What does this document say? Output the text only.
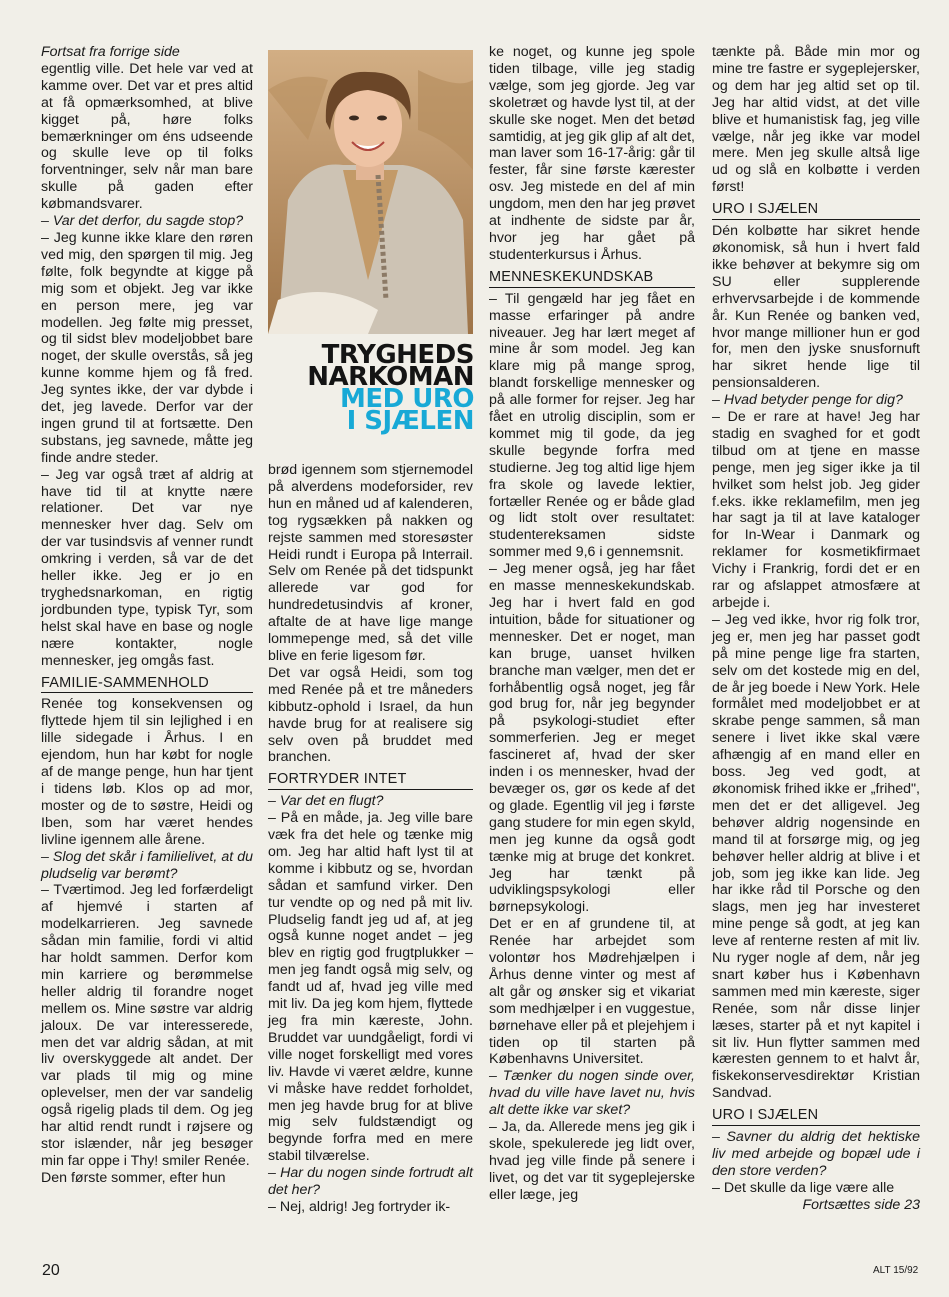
Fortsat fra forrige side

egentlig ville. Det hele var ved at kamme over. Det var et pres altid at få opmærksomhed, at blive kigget på, høre folks bemærkninger om éns udseende og skulle leve op til folks forventninger, selv når man bare skulle på gaden efter købmandsvarer.

– Var det derfor, du sagde stop?

– Jeg kunne ikke klare den røren ved mig, den spørgen til mig. Jeg følte, folk begyndte at kigge på mig som et objekt. Jeg var ikke en person mere, jeg var modellen. Jeg følte mig presset, og til sidst blev modeljobbet bare noget, der skulle overstås, så jeg kunne komme hjem og få fred. Jeg syntes ikke, der var dybde i det, jeg lavede. Derfor var der ingen grund til at fortsætte. Den substans, jeg savnede, måtte jeg finde andre steder.

– Jeg var også træt af aldrig at have tid til at knytte nære relationer. Det var nye mennesker hver dag. Selv om der var tusindsvis af venner rundt omkring i verden, så var de det heller ikke. Jeg er jo en tryghedsnarkoman, en rigtig jordbunden type, typisk Tyr, som helst skal have en base og nogle nære kontakter, nogle mennesker, jeg omgås fast.

FAMILIE-SAMMENHOLD

Renée tog konsekvensen og flyttede hjem til sin lejlighed i en lille sidegade i Århus. I en ejendom, hun har købt for nogle af de mange penge, hun har tjent i tidens løb. Klos op ad mor, moster og de to søstre, Heidi og Iben, som har været hendes livline igennem alle årene.

– Slog det skår i familielivet, at du pludselig var berømt?

– Tværtimod. Jeg led forfærdeligt af hjemvé i starten af modelkarrieren. Jeg savnede sådan min familie, fordi vi altid har holdt sammen. Derfor kom min karriere og berømmelse heller aldrig til forandre noget mellem os. Mine søstre var aldrig jaloux. De var interesserede, men det var aldrig sådan, at mit liv overskyggede alt andet. Der var plads til mig og mine oplevelser, men der var sandelig også rigelig plads til dem. Og jeg har altid rendt rundt i røjsere og stor islænder, når jeg besøger min far oppe i Thy! smiler Renée.

Den første sommer, efter hun

TRYGHEDS
NARKOMAN
MED URO
I SJÆLEN

brød igennem som stjernemodel på alverdens modeforsider, rev hun en måned ud af kalenderen, tog rygsækken på nakken og rejste sammen med storesøster Heidi rundt i Europa på Interrail. Selv om Renée på det tidspunkt allerede var god for hundredetusindvis af kroner, aftalte de at have lige mange lommepenge med, så det ville blive en ferie ligesom før.

Det var også Heidi, som tog med Renée på et tre måneders kibbutz-ophold i Israel, da hun havde brug for at realisere sig selv oven på bruddet med branchen.

FORTRYDER INTET

– Var det en flugt?

– På en måde, ja. Jeg ville bare væk fra det hele og tænke mig om. Jeg har altid haft lyst til at komme i kibbutz og se, hvordan sådan et samfund virker. Den tur vendte op og ned på mit liv. Pludselig fandt jeg ud af, at jeg også kunne noget andet – jeg blev en rigtig god frugtplukker – men jeg fandt også mig selv, og fandt ud af, hvad jeg ville med mit liv. Da jeg kom hjem, flyttede jeg fra min kæreste, John. Bruddet var uundgåeligt, fordi vi ville noget forskelligt med vores liv. Havde vi været ældre, kunne vi måske have reddet forholdet, men jeg havde brug for at blive mig selv fuldstændigt og begynde forfra med en mere stabil tilværelse.

– Har du nogen sinde fortrudt alt det her?

– Nej, aldrig! Jeg fortryder ik-

ke noget, og kunne jeg spole tiden tilbage, ville jeg stadig vælge, som jeg gjorde. Jeg var skoletræt og havde lyst til, at der skulle ske noget. Men det betød samtidig, at jeg gik glip af alt det, man laver som 16-17-årig: går til fester, får sine første kærester osv. Jeg mistede en del af min ungdom, men den har jeg prøvet at indhente de sidste par år, hvor jeg har gået på studenterkursus i Århus.

MENNESKEKUNDSKAB

– Til gengæld har jeg fået en masse erfaringer på andre niveauer. Jeg har lært meget af mine år som model. Jeg kan klare mig på mange sprog, blandt forskellige mennesker og på alle former for rejser. Jeg har fået en utrolig disciplin, som er kommet mig til gode, da jeg skulle begynde forfra med studierne. Jeg tog altid lige hjem fra skole og lavede lektier, fortæller Renée og er både glad og lidt stolt over resultatet: studentereksamen sidste sommer med 9,6 i gennemsnit.

– Jeg mener også, jeg har fået en masse menneskekundskab. Jeg har i hvert fald en god intuition, både for situationer og mennesker. Det er noget, man kan bruge, uanset hvilken branche man vælger, men det er forhåbentlig også noget, jeg får god brug for, når jeg begynder på psykologi-studiet efter sommerferien. Jeg er meget fascineret af, hvad der sker inden i os mennesker, hvad der bevæger os, gør os kede af det og glade. Egentlig vil jeg i første gang studere for min egen skyld, men jeg kunne da også godt tænke mig at bruge det konkret. Jeg har tænkt på udviklingspsykologi eller børnepsykologi.

Det er en af grundene til, at Renée har arbejdet som volontør hos Mødrehjælpen i Århus denne vinter og mest af alt går og ønsker sig et vikariat som medhjælper i en vuggestue, børnehave eller på et plejehjem i tiden op til starten på Københavns Universitet.

– Tænker du nogen sinde over, hvad du ville have lavet nu, hvis alt dette ikke var sket?

– Ja, da. Allerede mens jeg gik i skole, spekulerede jeg lidt over, hvad jeg ville finde på senere i livet, og det var tit sygeplejerske eller læge, jeg

tænkte på. Både min mor og mine tre fastre er sygeplejersker, og dem har jeg altid set op til. Jeg har altid vidst, at det ville blive et humanistisk fag, jeg ville vælge, når jeg ikke var model mere. Men jeg skulle altså lige ud og slå en kolbøtte i verden først!

URO I SJÆLEN

Dén kolbøtte har sikret hende økonomisk, så hun i hvert fald ikke behøver at bekymre sig om SU eller supplerende erhvervsarbejde i de kommende år. Kun Renée og banken ved, hvor mange millioner hun er god for, men den jyske snusfornuft har sikret hende lige til pensionsalderen.

– Hvad betyder penge for dig?

– De er rare at have! Jeg har stadig en svaghed for et godt tilbud om at tjene en masse penge, men jeg siger ikke ja til hvilket som helst job. Jeg gider f.eks. ikke reklamefilm, men jeg har sagt ja til at lave kataloger for In-Wear i Danmark og reklamer for kosmetikfirmaet Vichy i Frankrig, fordi det er en rar og afslappet atmosfære at arbejde i.

– Jeg ved ikke, hvor rig folk tror, jeg er, men jeg har passet godt på mine penge lige fra starten, selv om det kostede mig en del, de år jeg boede i New York. Hele formålet med modeljobbet er at skrabe penge sammen, så man senere i livet ikke skal være afhængig af en mand eller en boss. Jeg ved godt, at økonomisk frihed ikke er „frihed", men det er det alligevel. Jeg behøver aldrig nogensinde en mand til at forsørge mig, og jeg behøver heller aldrig at blive i et job, som jeg ikke kan lide. Jeg har ikke råd til Porsche og den slags, men jeg har investeret mine penge så godt, at jeg kan leve af renterne resten af mit liv. Nu ryger nogle af dem, når jeg snart køber hus i København sammen med min kæreste, siger Renée, som når disse linjer læses, starter på et nyt kapitel i sit liv. Hun flytter sammen med kæresten gennem to et halvt år, fiskekonservesdirektør Kristian Sandvad.

URO I SJÆLEN

– Savner du aldrig det hektiske liv med arbejde og bopæl ude i den store verden?

– Det skulle da lige være alle

Fortsættes side 23

20	ALT 15/92
